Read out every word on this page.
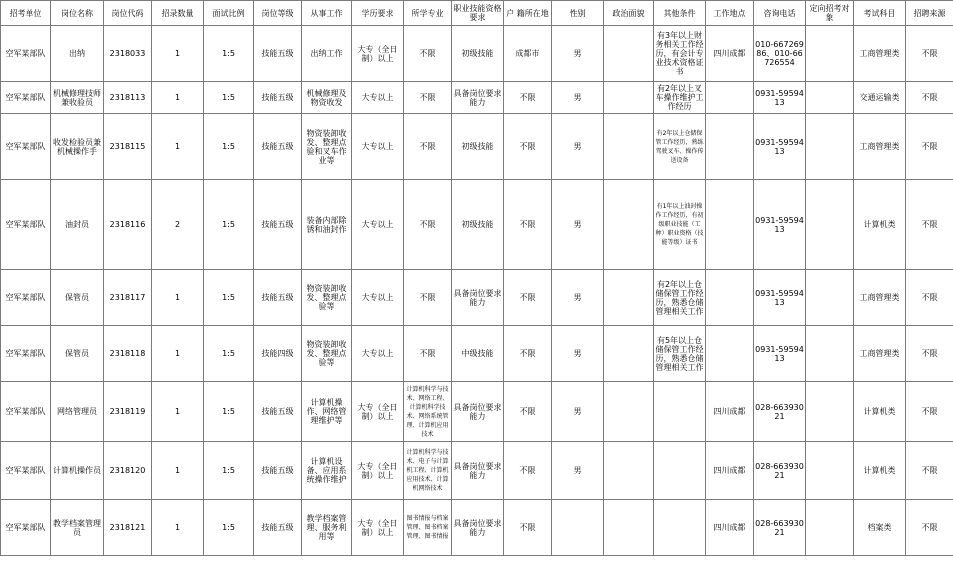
招考单位	岗位名称	岗位代码	招录数量	面试比例	岗位等级	从事工作	学历要求	所学专业	职业技能资格要求	户 籍所在地	性别	政治面貌	其他条件	工作地点	咨询电话	定向招考对象	考试科目	招聘来源
空军某部队	出纳	2318033	1	1:5	技能五级	出纳工作	大专（全日制）以上	不限	初级技能	成都市	男		有3年以上财务相关工作经历，有会计专业技术资格证书	四川成都	010-66726986、010-66726554		工商管理类	不限
空军某部队	机械修理技师兼收验员	2318113	1	1:5	技能五级	机械修理及物资收发	大专以上	不限	具备岗位要求能力	不限	男		有2年以上叉车操作维护工作经历		0931-5959413		交通运输类	不限
空军某部队	收发检验员兼机械操作手	2318115	1	1:5	技能五级	物资装卸收发、整理点验和叉车作业等	大专以上	不限	初级技能	不限	男		有2年以上仓储保管工作经历，熟练驾驶叉车、操作传送设备		0931-5959413		工商管理类	不限
空军某部队	油封员	2318116	2	1:5	技能五级	装备内部除锈和油封作	大专以上	不限	初级技能	不限	男		有1年以上油封操作工作经历，有初级职业技能（工种）职业资格（技能等级）证书		0931-5959413		计算机类	不限
空军某部队	保管员	2318117	1	1:5	技能五级	物资装卸收发、整理点验等	大专以上	不限	具备岗位要求能力	不限	男		有2年以上仓储保管工作经历，熟悉仓储管理相关工作		0931-5959413		工商管理类	不限
空军某部队	保管员	2318118	1	1:5	技能四级	物资装卸收发、整理点验等	大专以上	不限	中级技能	不限	男		有5年以上仓储保管工作经历，熟悉仓储管理相关工作		0931-5959413		工商管理类	不限
空军某部队	网络管理员	2318119	1	1:5	技能五级	计算机操作、网络管理维护等	大专（全日制）以上	计算机科学与技术、网络工程、计算机科学技术、网络系统管理、计算机应用技术	具备岗位要求能力	不限	男			四川成都	028-66393021		计算机类	不限
空军某部队	计算机操作员	2318120	1	1:5	技能五级	计算机设备、应用系统操作维护	大专（全日制）以上	计算机科学与技术、电子与计算机工程、计算机应用技术、计算机网络技术	具备岗位要求能力	不限	男			四川成都	028-66393021		计算机类	不限
空军某部队	教学档案管理员	2318121	1	1:5	技能五级	教学档案管理、服务利用等	大专（全日制）以上	图书情报与档案管理、图书档案管理、图书情报	具备岗位要求能力	不限				四川成都	028-66393021		档案类	不限
